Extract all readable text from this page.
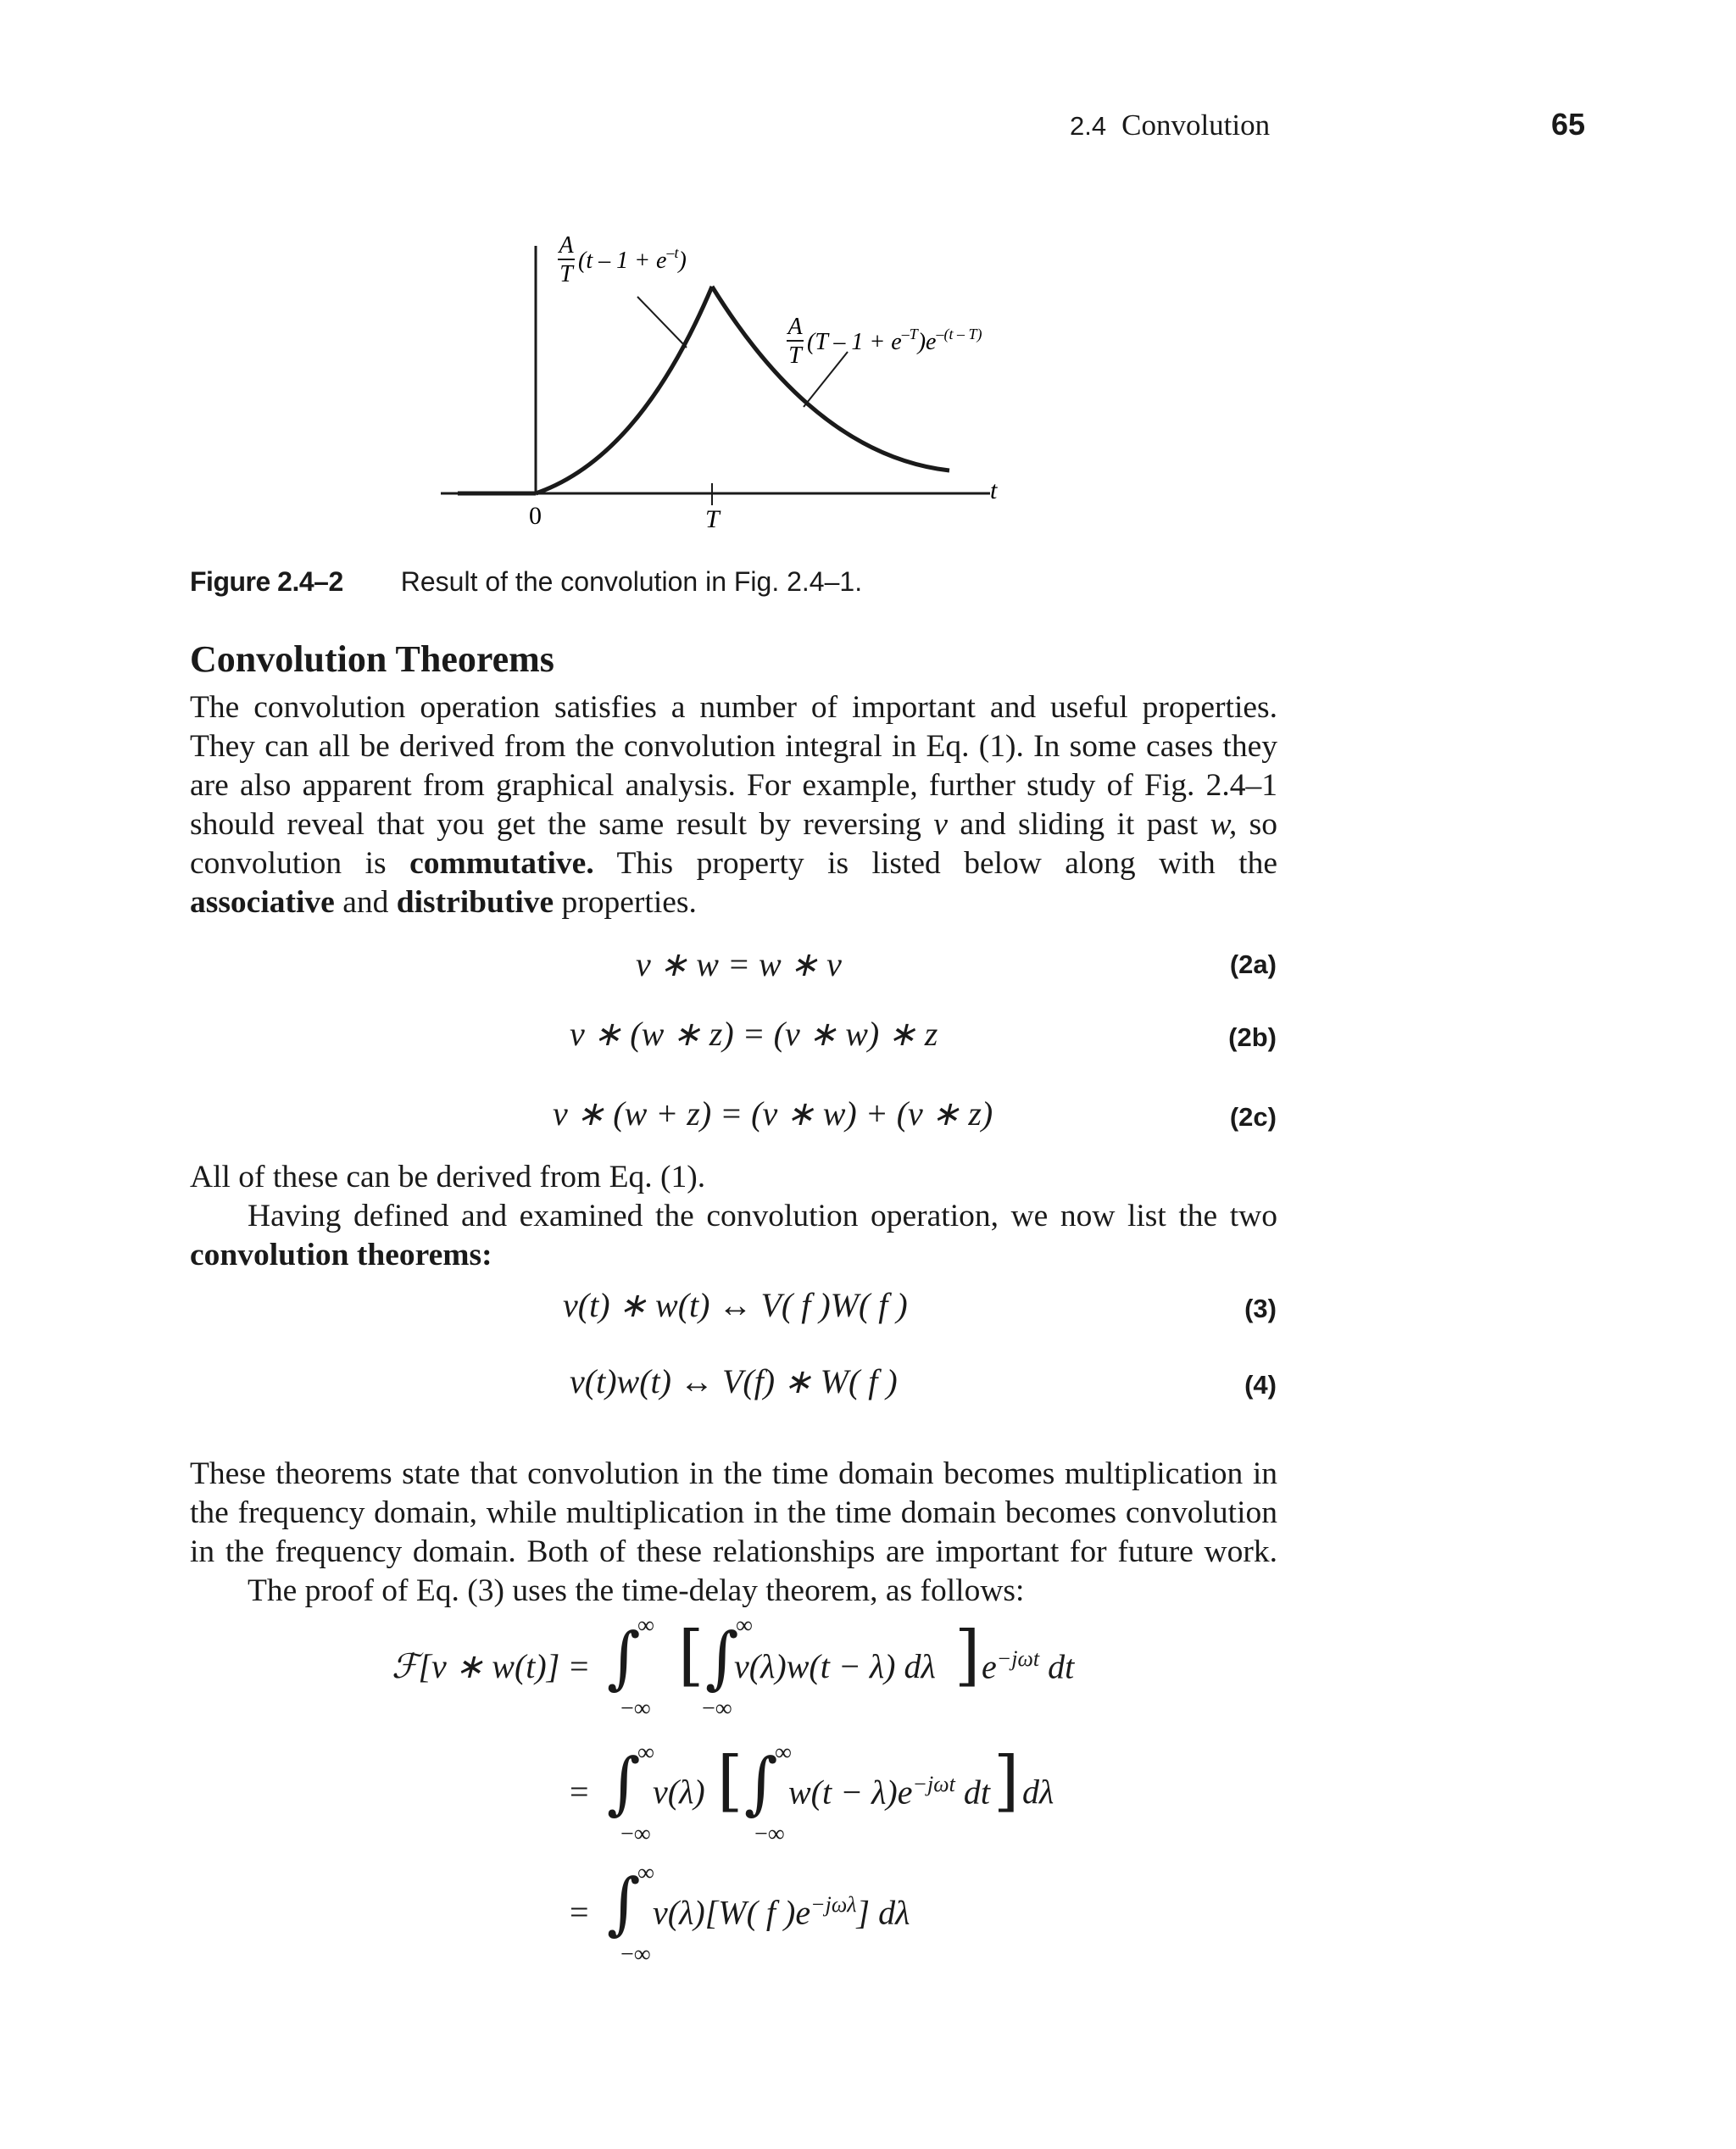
2.4 Convolution	65
0	T
t
A
T
$(t - 1 + e^{-t})$
A
T
$(T - 1 + e^{-T})e^{-(t - T)}$
Figure 2.4–2 Result of the convolution in Fig. 2.4–1.
Convolution Theorems
The convolution operation satisfies a number of important and useful properties.
They can all be derived from the convolution integral in Eq. (1). In some cases they
are also apparent from graphical analysis. For example, further study of Fig. 2.4–1
should reveal that you get the same result by reversing v and sliding it past w, so
convolution is commutative. This property is listed below along with the
associative and distributive properties.
v ∗ w = w ∗ v	(2a)
v ∗ (w ∗ z) = (v ∗ w) ∗ z	(2b)
v ∗ (w + z) = (v ∗ w) + (v ∗ z)	(2c)
All of these can be derived from Eq. (1).
Having defined and examined the convolution operation, we now list the two
convolution theorems:
v(t) ∗ w(t) ↔ V( f )W( f )	(3)
v(t)w(t) ↔ V(f) ∗ W( f )	(4)
These theorems state that convolution in the time domain becomes multiplication in
the frequency domain, while multiplication in the time domain becomes convolution
in the frequency domain. Both of these relationships are important for future work.
The proof of Eq. (3) uses the time-delay theorem, as follows:
ℱ[v ∗ w(t)] = ∫
∞
−∞
[ ∫
∞
−∞
v(λ)w(t − λ) dλ ] $e^{-j\omega t}$ dt
= ∫
∞
−∞
v(λ) [ ∫
∞
−∞
$w(t - \lambda)e^{-j\omega t}$ dt ]
dλ
= ∫
∞
−∞
v(λ)[W( f )$e^{-j\omega\lambda}$] dλ
